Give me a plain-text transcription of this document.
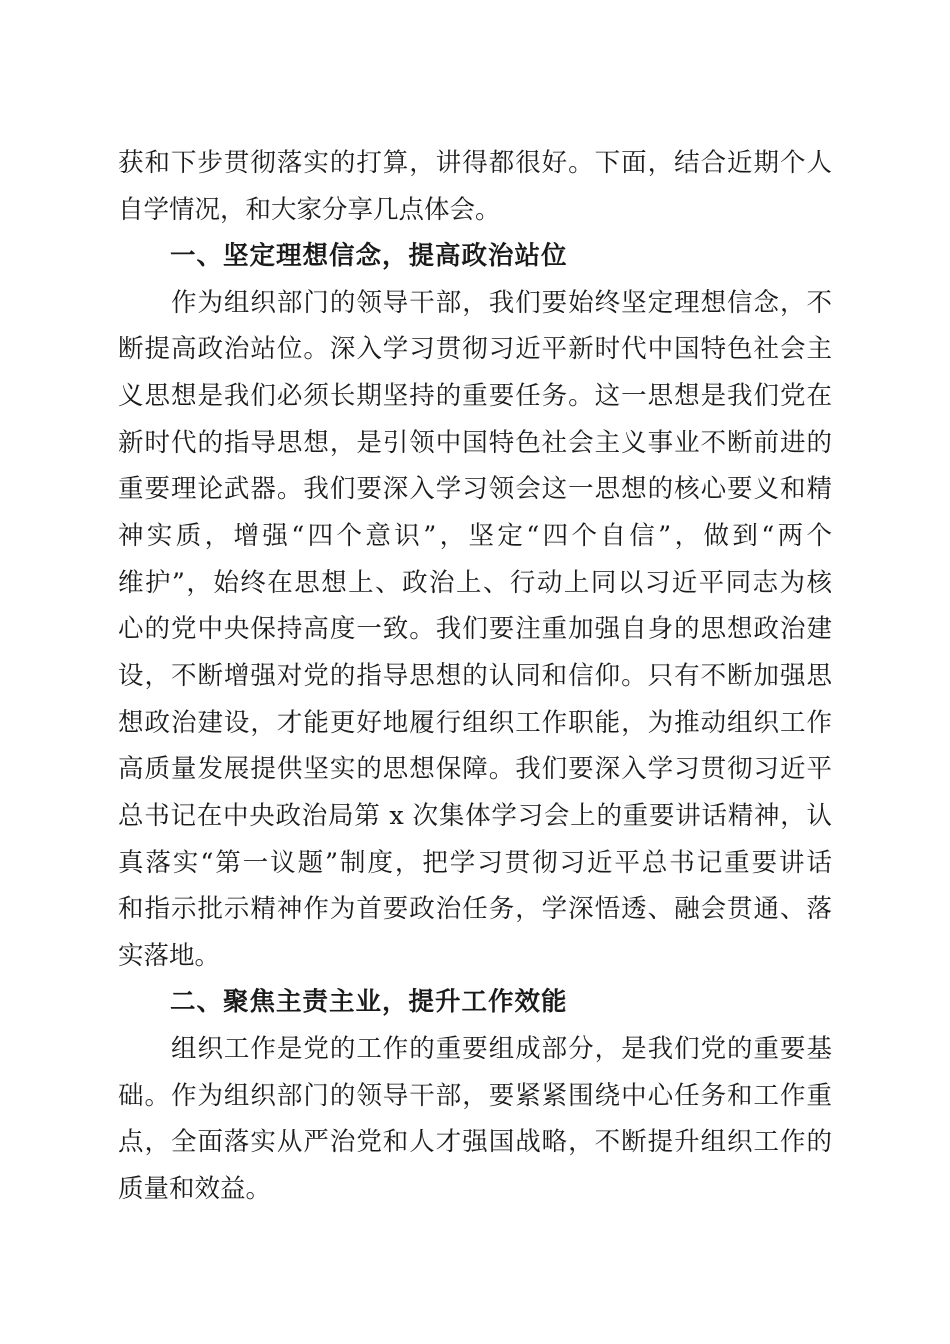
获和下步贯彻落实的打算，讲得都很好。下面，结合近期个人
自学情况，和大家分享几点体会。
一、坚定理想信念，提高政治站位
　　作为组织部门的领导干部，我们要始终坚定理想信念，不
断提高政治站位。深入学习贯彻习近平新时代中国特色社会主
义思想是我们必须长期坚持的重要任务。这一思想是我们党在
新时代的指导思想，是引领中国特色社会主义事业不断前进的
重要理论武器。我们要深入学习领会这一思想的核心要义和精
神实质，增强“四个意识”，坚定“四个自信”，做到“两个
维护”，始终在思想上、政治上、行动上同以习近平同志为核
心的党中央保持高度一致。我们要注重加强自身的思想政治建
设，不断增强对党的指导思想的认同和信仰。只有不断加强思
想政治建设，才能更好地履行组织工作职能，为推动组织工作
高质量发展提供坚实的思想保障。我们要深入学习贯彻习近平
总书记在中央政治局第 x 次集体学习会上的重要讲话精神，认
真落实“第一议题”制度，把学习贯彻习近平总书记重要讲话
和指示批示精神作为首要政治任务，学深悟透、融会贯通、落
实落地。
二、聚焦主责主业，提升工作效能
　　组织工作是党的工作的重要组成部分，是我们党的重要基
础。作为组织部门的领导干部，要紧紧围绕中心任务和工作重
点，全面落实从严治党和人才强国战略，不断提升组织工作的
质量和效益。
